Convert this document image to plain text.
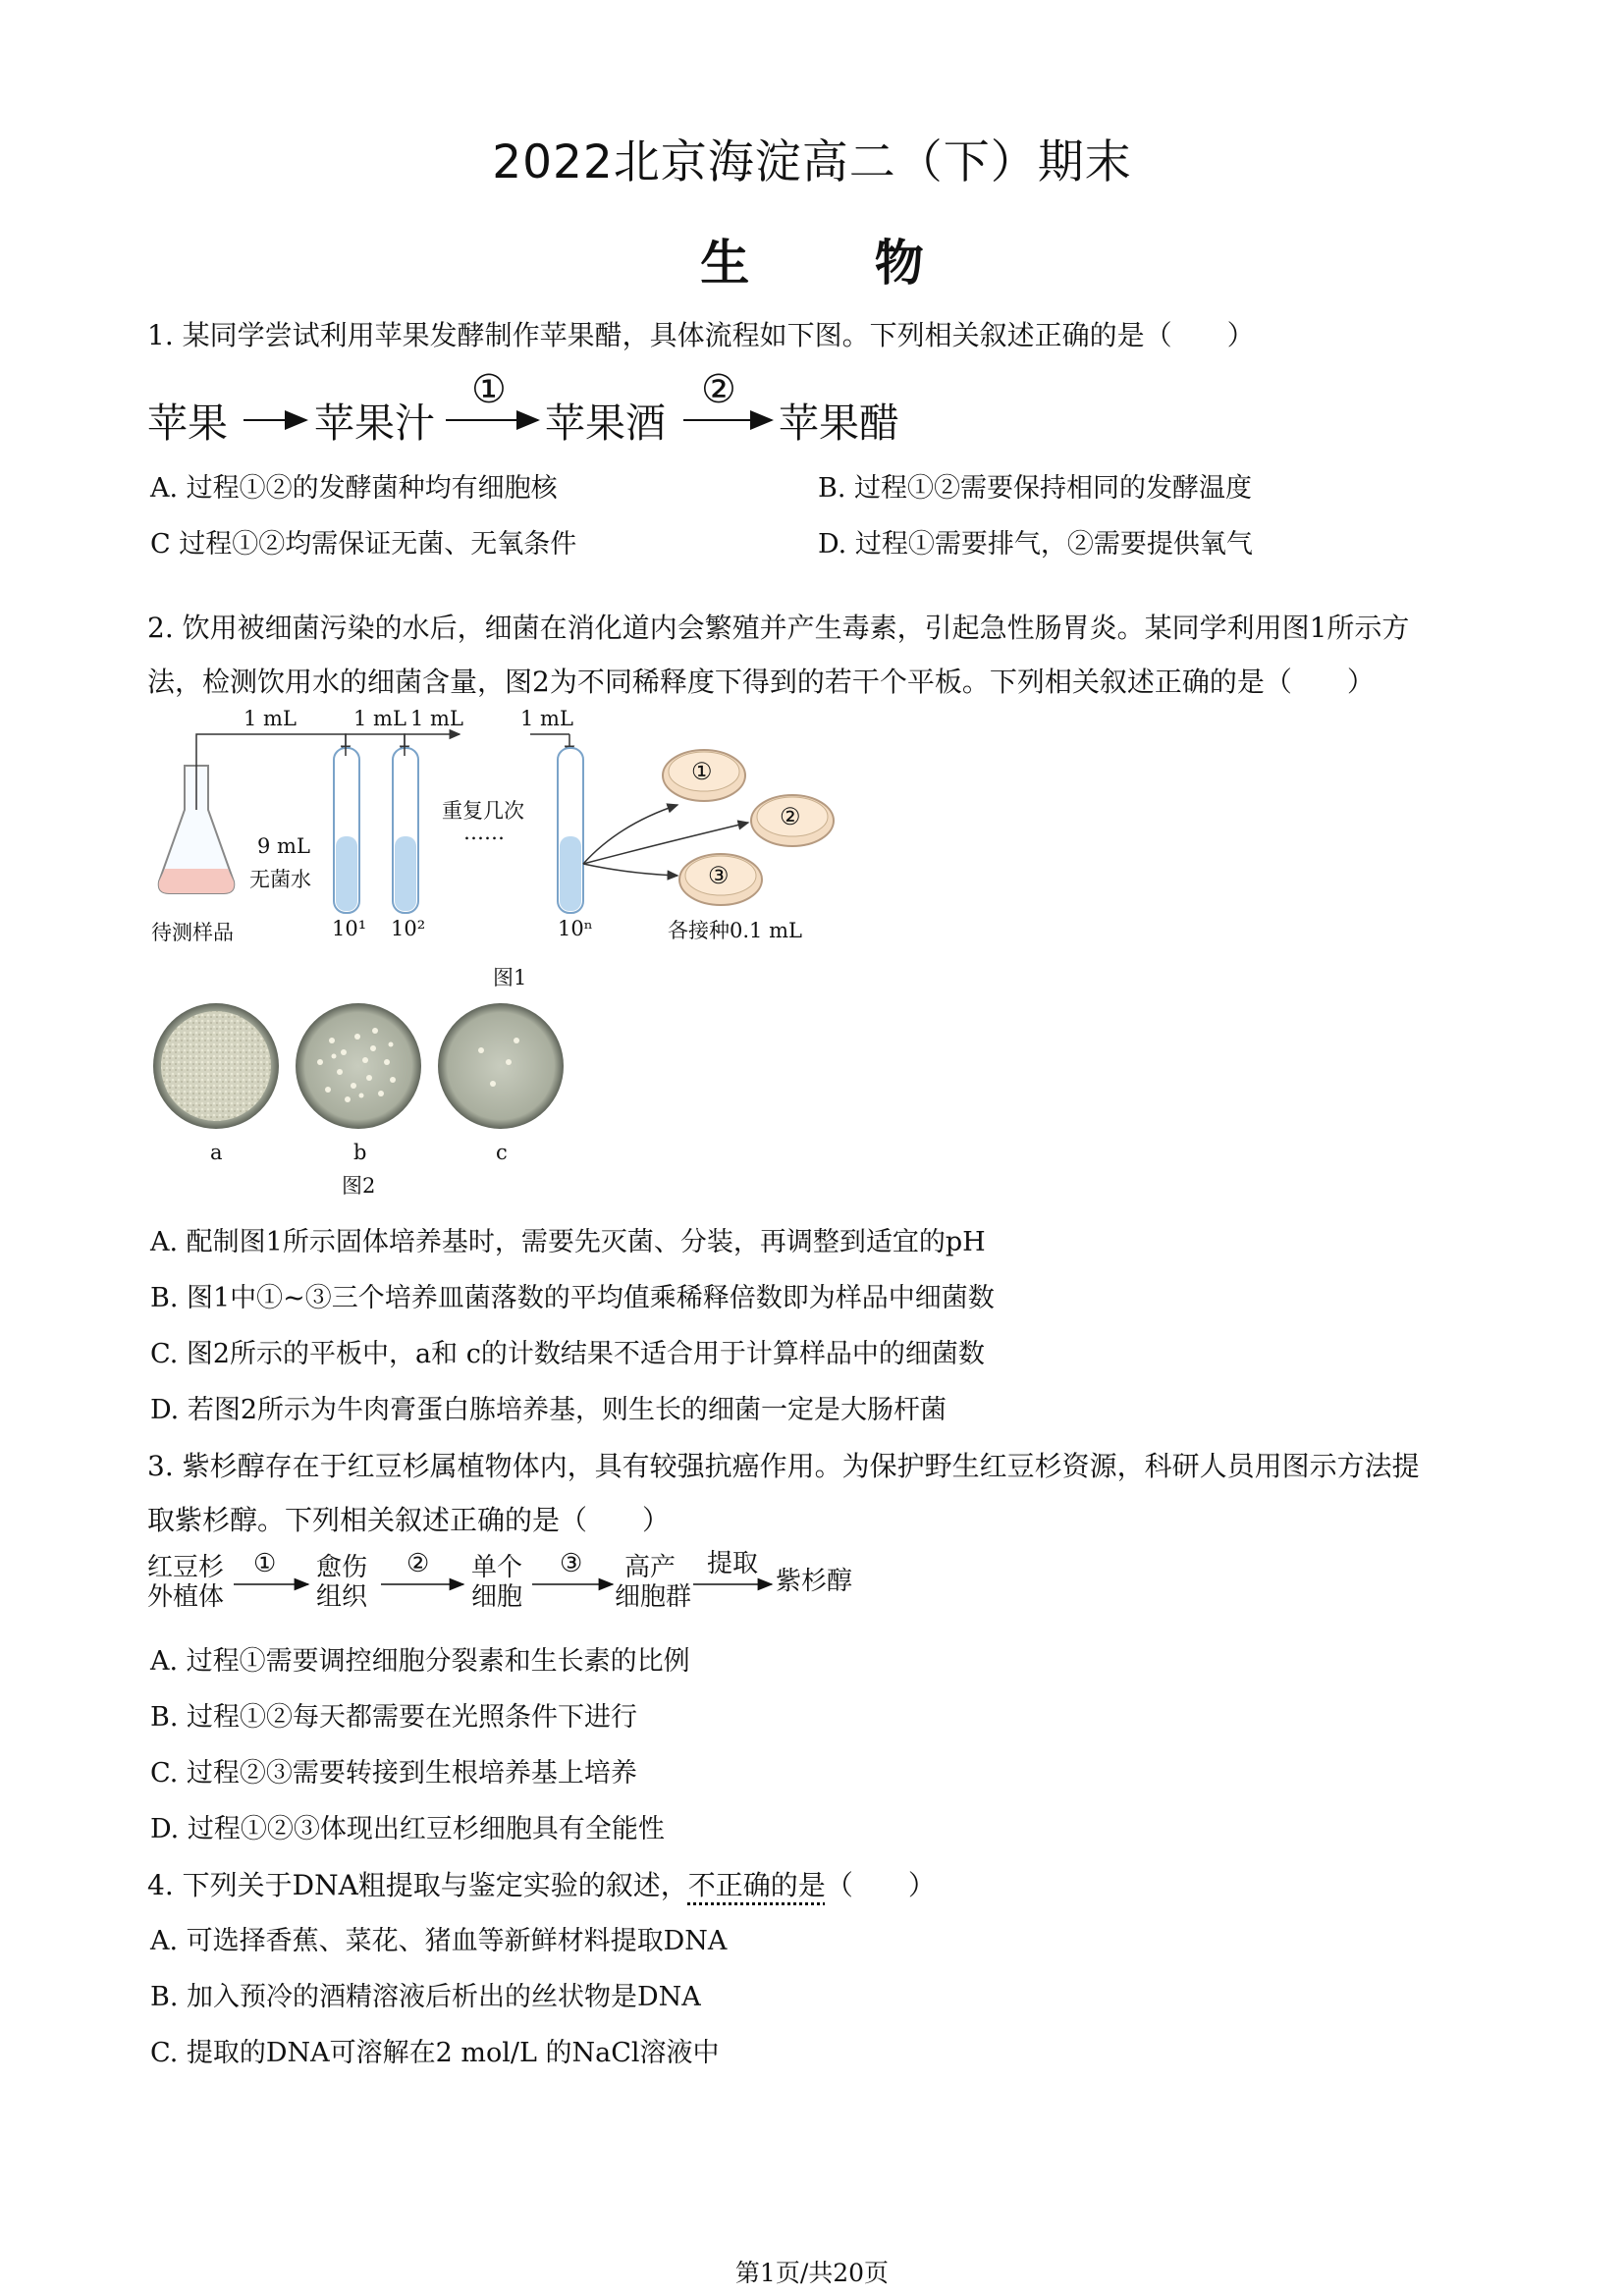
2022北京海淀高二（下）期末
生 物
1. 某同学尝试利用苹果发酵制作苹果醋，具体流程如下图。下列相关叙述正确的是（　　）
苹果 苹果汁	苹果酒	苹果醋
①	②
A. 过程①②的发酵菌种均有细胞核	B. 过程①②需要保持相同的发酵温度
C 过程①②均需保证无菌、无氧条件	D. 过程①需要排气，②需要提供氧气
2. 饮用被细菌污染的水后，细菌在消化道内会繁殖并产生毒素，引起急性肠胃炎。某同学利用图1所示方
法，检测饮用水的细菌含量，图2为不同稀释度下得到的若干个平板。下列相关叙述正确的是（　　）
1 mL	1 mL 1 mL	1 mL
9 mL
无菌水
重复几次
……
待测样品	10¹ 10²	10ⁿ
①
②
③
各接种0.1 mL
图1
a	b	c
图2
A. 配制图1所示固体培养基时，需要先灭菌、分装，再调整到适宜的pH
B. 图1中①~③三个培养皿菌落数的平均值乘稀释倍数即为样品中细菌数
C. 图2所示的平板中，a和 c的计数结果不适合用于计算样品中的细菌数
D. 若图2所示为牛肉膏蛋白胨培养基，则生长的细菌一定是大肠杆菌
3. 紫杉醇存在于红豆杉属植物体内，具有较强抗癌作用。为保护野生红豆杉资源，科研人员用图示方法提
取紫杉醇。下列相关叙述正确的是（　　）
红豆杉
外植体
愈伤
组织
单个
细胞
高产
细胞群
紫杉醇
①	②	③	提取
A. 过程①需要调控细胞分裂素和生长素的比例
B. 过程①②每天都需要在光照条件下进行
C. 过程②③需要转接到生根培养基上培养
D. 过程①②③体现出红豆杉细胞具有全能性
4. 下列关于DNA粗提取与鉴定实验的叙述，不正确的是（　　）
A. 可选择香蕉、菜花、猪血等新鲜材料提取DNA
B. 加入预冷的酒精溶液后析出的丝状物是DNA
C. 提取的DNA可溶解在2 mol/L 的NaCl溶液中
第1页/共20页
